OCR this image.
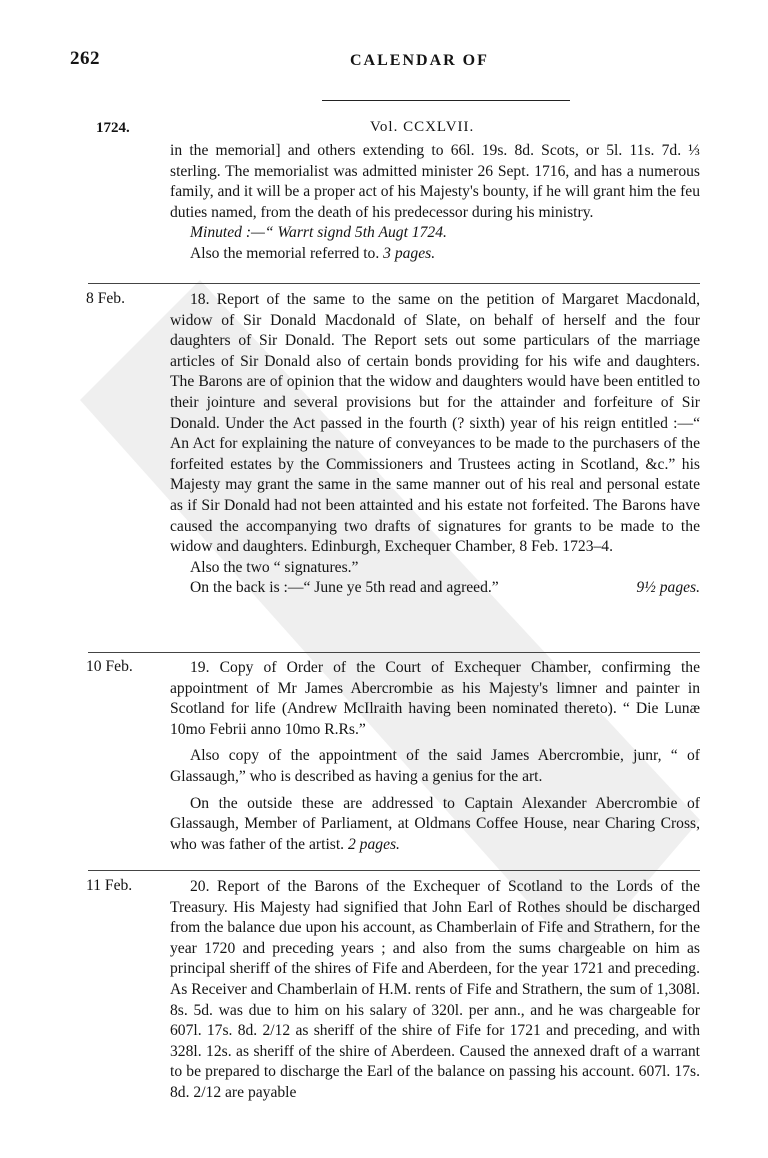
262	CALENDAR OF
1724.	Vol. CCXLVII.

in the memorial] and others extending to 66l. 19s. 8d. Scots, or 5l. 11s. 7d. ⅓ sterling. The memorialist was admitted minister 26 Sept. 1716, and has a numerous family, and it will be a proper act of his Majesty's bounty, if he will grant him the feu duties named, from the death of his predecessor during his ministry.

Minuted :—“ Warrt signd 5th Augt 1724.

Also the memorial referred to. 3 pages.

8 Feb.	18. Report of the same to the same on the petition of Margaret Macdonald, widow of Sir Donald Macdonald of Slate, on behalf of herself and the four daughters of Sir Donald. The Report sets out some particulars of the marriage articles of Sir Donald also of certain bonds providing for his wife and daughters. The Barons are of opinion that the widow and daughters would have been entitled to their jointure and several provisions but for the attainder and forfeiture of Sir Donald. Under the Act passed in the fourth (? sixth) year of his reign entitled :—“ An Act for explaining the nature of conveyances to be made to the purchasers of the forfeited estates by the Commissioners and Trustees acting in Scotland, &c.” his Majesty may grant the same in the same manner out of his real and personal estate as if Sir Donald had not been attainted and his estate not forfeited. The Barons have caused the accompanying two drafts of signatures for grants to be made to the widow and daughters. Edinburgh, Exchequer Chamber, 8 Feb. 1723–4.

Also the two “ signatures.”

On the back is :—“ June ye 5th read and agreed.”	9½ pages.

10 Feb.	19. Copy of Order of the Court of Exchequer Chamber, confirming the appointment of Mr James Abercrombie as his Majesty's limner and painter in Scotland for life (Andrew McIlraith having been nominated thereto). “ Die Lunæ 10mo Febrii anno 10mo R.Rs.”

Also copy of the appointment of the said James Abercrombie, junr, “ of Glassaugh,” who is described as having a genius for the art.

On the outside these are addressed to Captain Alexander Abercrombie of Glassaugh, Member of Parliament, at Oldmans Coffee House, near Charing Cross, who was father of the artist. 2 pages.

11 Feb.	20. Report of the Barons of the Exchequer of Scotland to the Lords of the Treasury. His Majesty had signified that John Earl of Rothes should be discharged from the balance due upon his account, as Chamberlain of Fife and Strathern, for the year 1720 and preceding years ; and also from the sums chargeable on him as principal sheriff of the shires of Fife and Aberdeen, for the year 1721 and preceding. As Receiver and Chamberlain of H.M. rents of Fife and Strathern, the sum of 1,308l. 8s. 5d. was due to him on his salary of 320l. per ann., and he was chargeable for 607l. 17s. 8d. 2/12 as sheriff of the shire of Fife for 1721 and preceding, and with 328l. 12s. as sheriff of the shire of Aberdeen. Caused the annexed draft of a warrant to be prepared to discharge the Earl of the balance on passing his account. 607l. 17s. 8d. 2/12 are payable
